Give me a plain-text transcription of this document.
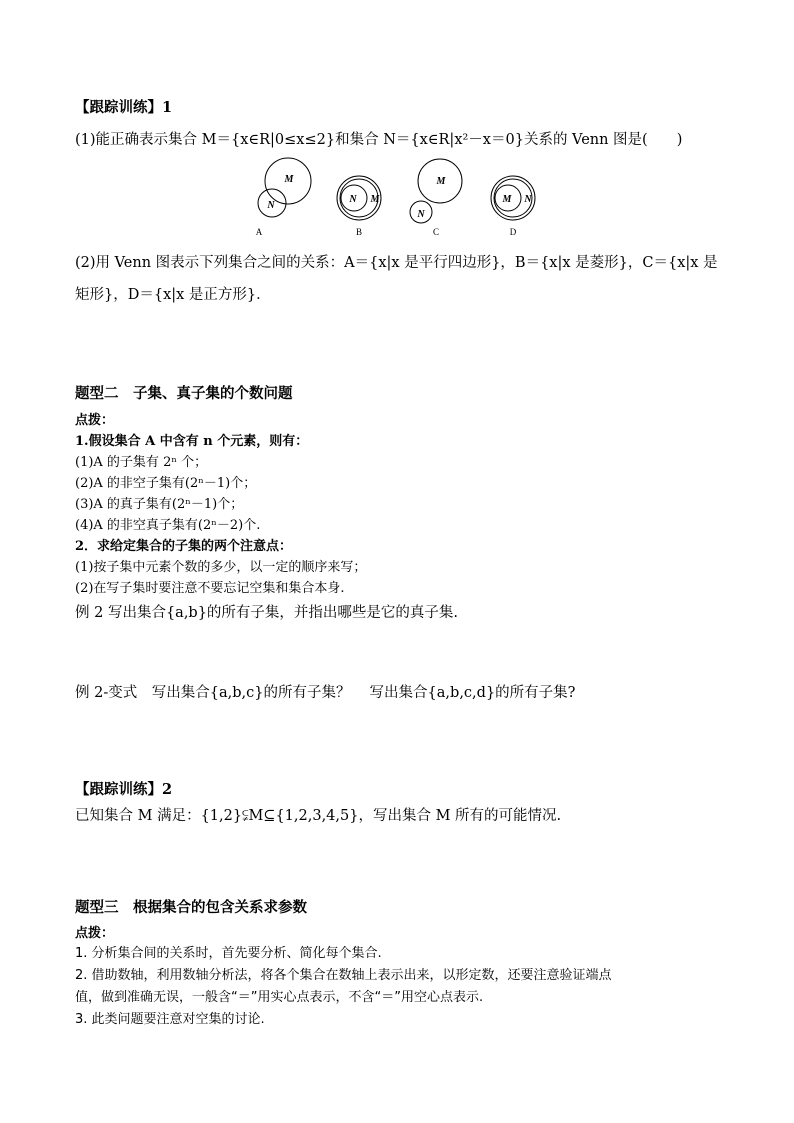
【跟踪训练】1
(1)能正确表示集合 M＝{x∈R|0≤x≤2}和集合 N＝{x∈R|x²－x＝0}关系的 Venn 图是(　　)
M
N
N M
M
N
M N
A	B	C	D
(2)用 Venn 图表示下列集合之间的关系：A＝{x|x 是平行四边形}，B＝{x|x 是菱形}，C＝{x|x 是
矩形}，D＝{x|x 是正方形}．
题型二　子集、真子集的个数问题
点拨：
1.假设集合 A 中含有 n 个元素，则有：
(1)A 的子集有 2ⁿ 个；
(2)A 的非空子集有(2ⁿ－1)个；
(3)A 的真子集有(2ⁿ－1)个；
(4)A 的非空真子集有(2ⁿ－2)个.
2．求给定集合的子集的两个注意点：
(1)按子集中元素个数的多少，以一定的顺序来写；
(2)在写子集时要注意不要忘记空集和集合本身.
例 2 写出集合{a,b}的所有子集，并指出哪些是它的真子集.
例 2-变式　写出集合{a,b,c}的所有子集？　 写出集合{a,b,c,d}的所有子集?
【跟踪训练】2
已知集合 M 满足：{1,2}⫋M⊆{1,2,3,4,5}，写出集合 M 所有的可能情况.
题型三　根据集合的包含关系求参数
点拨：
1. 分析集合间的关系时，首先要分析、简化每个集合.
2. 借助数轴，利用数轴分析法，将各个集合在数轴上表示出来，以形定数，还要注意验证端点
值，做到准确无误，一般含“＝”用实心点表示，不含“＝”用空心点表示.
3. 此类问题要注意对空集的讨论.
